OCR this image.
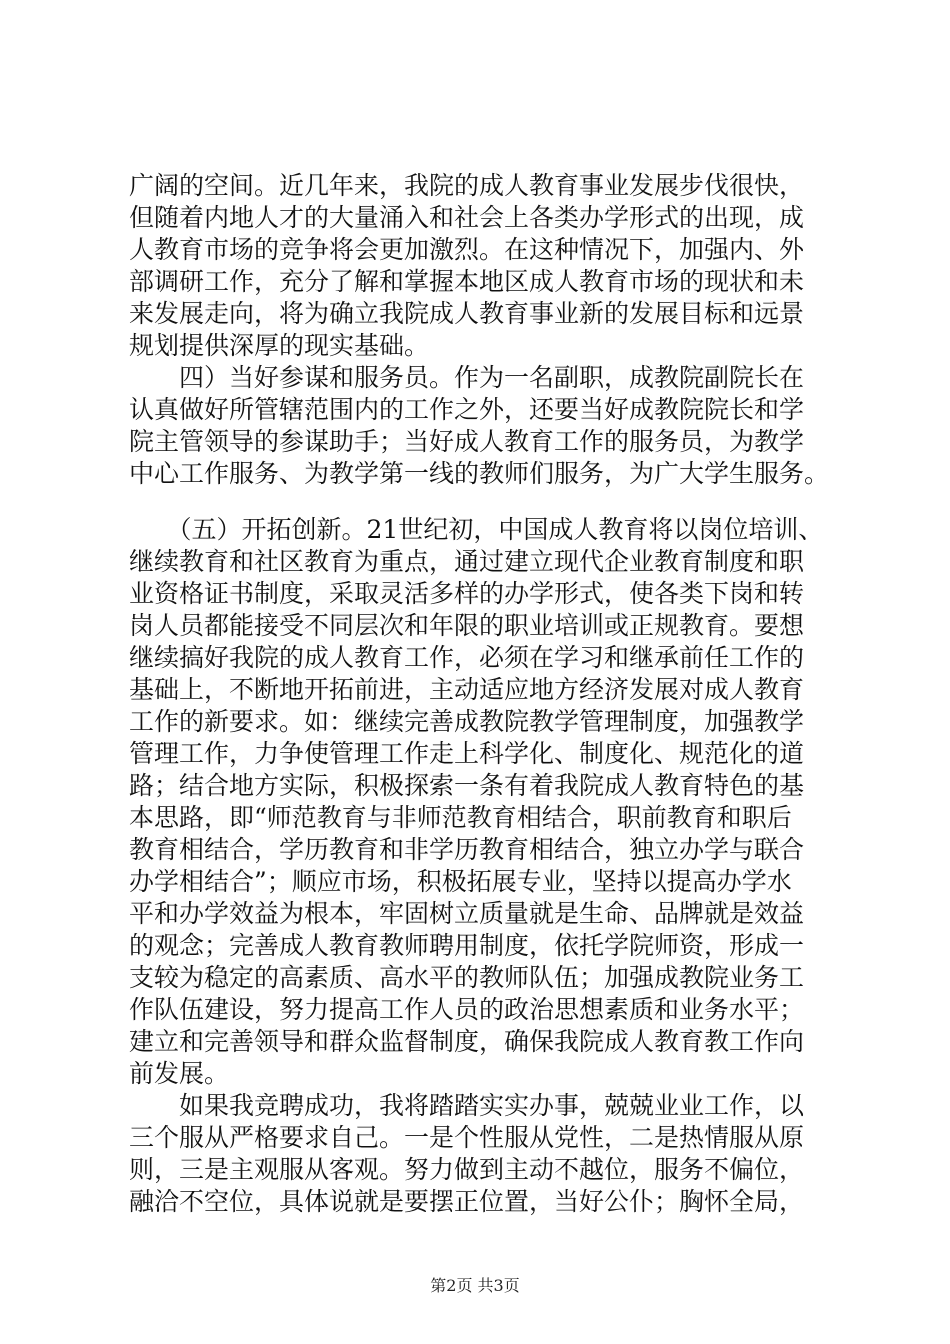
广阔的空间。近几年来，我院的成人教育事业发展步伐很快，
但随着内地人才的大量涌入和社会上各类办学形式的出现，成
人教育市场的竞争将会更加激烈。在这种情况下，加强内、外
部调研工作，充分了解和掌握本地区成人教育市场的现状和未
来发展走向，将为确立我院成人教育事业新的发展目标和远景
规划提供深厚的现实基础。
　　四）当好参谋和服务员。作为一名副职，成教院副院长在
认真做好所管辖范围内的工作之外，还要当好成教院院长和学
院主管领导的参谋助手；当好成人教育工作的服务员，为教学
中心工作服务、为教学第一线的教师们服务，为广大学生服务。
　　（五）开拓创新。21世纪初，中国成人教育将以岗位培训、
继续教育和社区教育为重点，通过建立现代企业教育制度和职
业资格证书制度，采取灵活多样的办学形式，使各类下岗和转
岗人员都能接受不同层次和年限的职业培训或正规教育。要想
继续搞好我院的成人教育工作，必须在学习和继承前任工作的
基础上，不断地开拓前进，主动适应地方经济发展对成人教育
工作的新要求。如：继续完善成教院教学管理制度，加强教学
管理工作，力争使管理工作走上科学化、制度化、规范化的道
路；结合地方实际，积极探索一条有着我院成人教育特色的基
本思路，即“师范教育与非师范教育相结合，职前教育和职后
教育相结合，学历教育和非学历教育相结合，独立办学与联合
办学相结合”；顺应市场，积极拓展专业，坚持以提高办学水
平和办学效益为根本，牢固树立质量就是生命、品牌就是效益
的观念；完善成人教育教师聘用制度，依托学院师资，形成一
支较为稳定的高素质、高水平的教师队伍；加强成教院业务工
作队伍建设，努力提高工作人员的政治思想素质和业务水平；
建立和完善领导和群众监督制度，确保我院成人教育教工作向
前发展。
　　如果我竞聘成功，我将踏踏实实办事，兢兢业业工作，以
三个服从严格要求自己。一是个性服从党性，二是热情服从原
则，三是主观服从客观。努力做到主动不越位，服务不偏位，
融洽不空位，具体说就是要摆正位置，当好公仆；胸怀全局，
第2页 共3页
